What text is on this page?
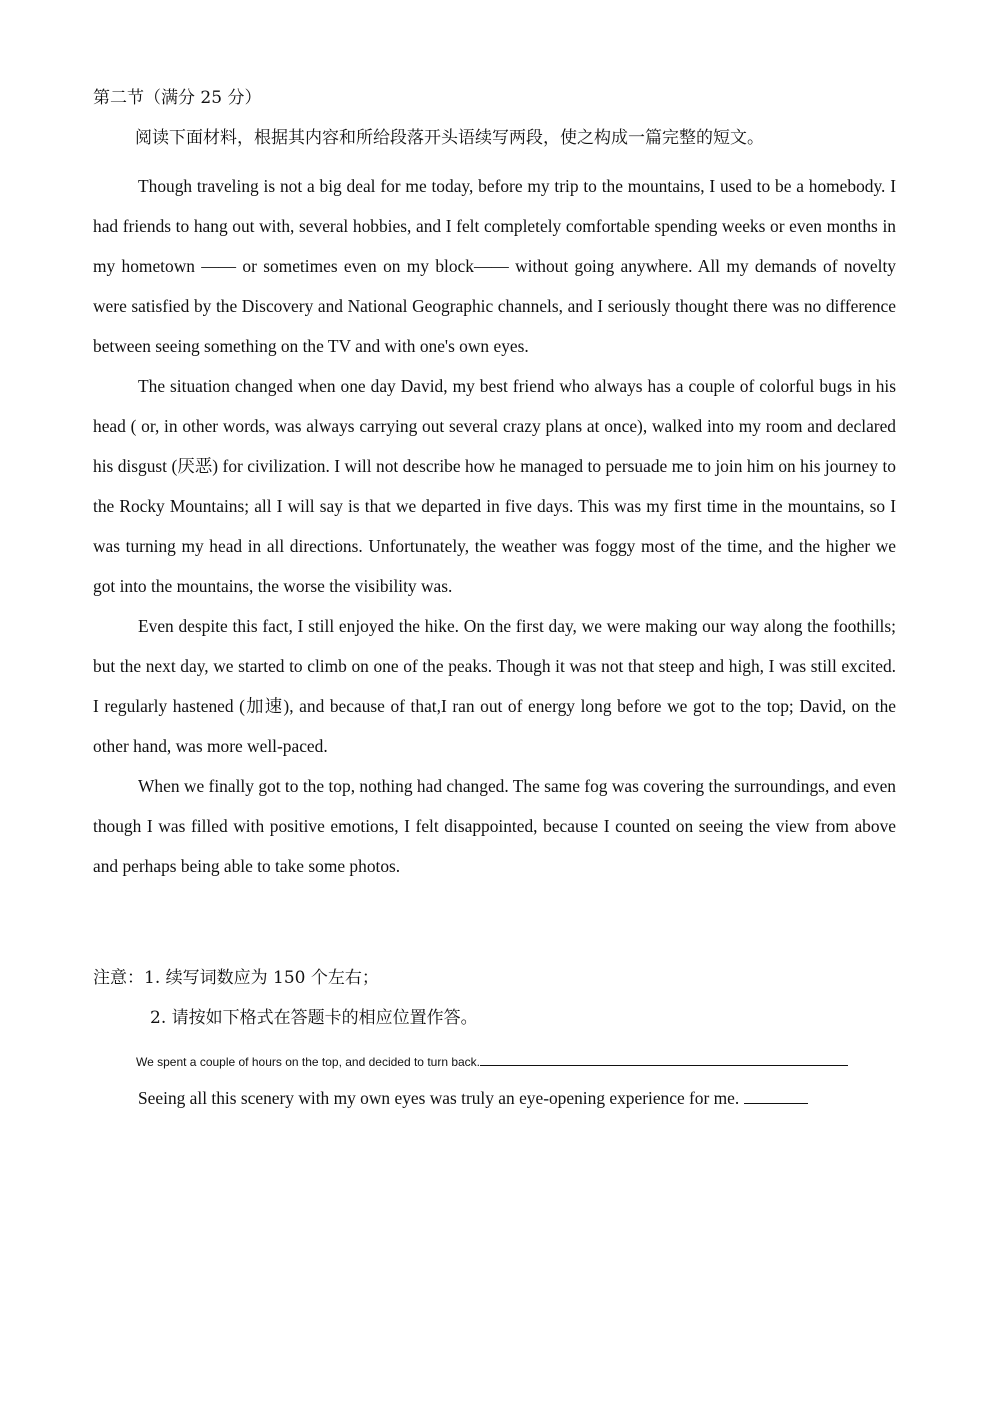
第二节（满分 25 分）
阅读下面材料，根据其内容和所给段落开头语续写两段，使之构成一篇完整的短文。

Though traveling is not a big deal for me today, before my trip to the mountains, I used to be a homebody. I had friends to hang out with, several hobbies, and I felt completely comfortable spending weeks or even months in my hometown —— or sometimes even on my block—— without going anywhere. All my demands of novelty were satisfied by the Discovery and National Geographic channels, and I seriously thought there was no difference between seeing something on the TV and with one's own eyes.

The situation changed when one day David, my best friend who always has a couple of colorful bugs in his head ( or, in other words, was always carrying out several crazy plans at once), walked into my room and declared his disgust (厌恶) for civilization. I will not describe how he managed to persuade me to join him on his journey to the Rocky Mountains; all I will say is that we departed in five days. This was my first time in the mountains, so I was turning my head in all directions. Unfortunately, the weather was foggy most of the time, and the higher we got into the mountains, the worse the visibility was.

Even despite this fact, I still enjoyed the hike. On the first day, we were making our way along the foothills; but the next day, we started to climb on one of the peaks. Though it was not that steep and high, I was still excited. I regularly hastened (加速), and because of that,I ran out of energy long before we got to the top; David, on the other hand, was more well-paced.

When we finally got to the top, nothing had changed. The same fog was covering the surroundings, and even though I was filled with positive emotions, I felt disappointed, because I counted on seeing the view from above and perhaps being able to take some photos.

注意：1. 续写词数应为 150 个左右；
2. 请按如下格式在答题卡的相应位置作答。
We spent a couple of hours on the top, and decided to turn back.
Seeing all this scenery with my own eyes was truly an eye-opening experience for me.
